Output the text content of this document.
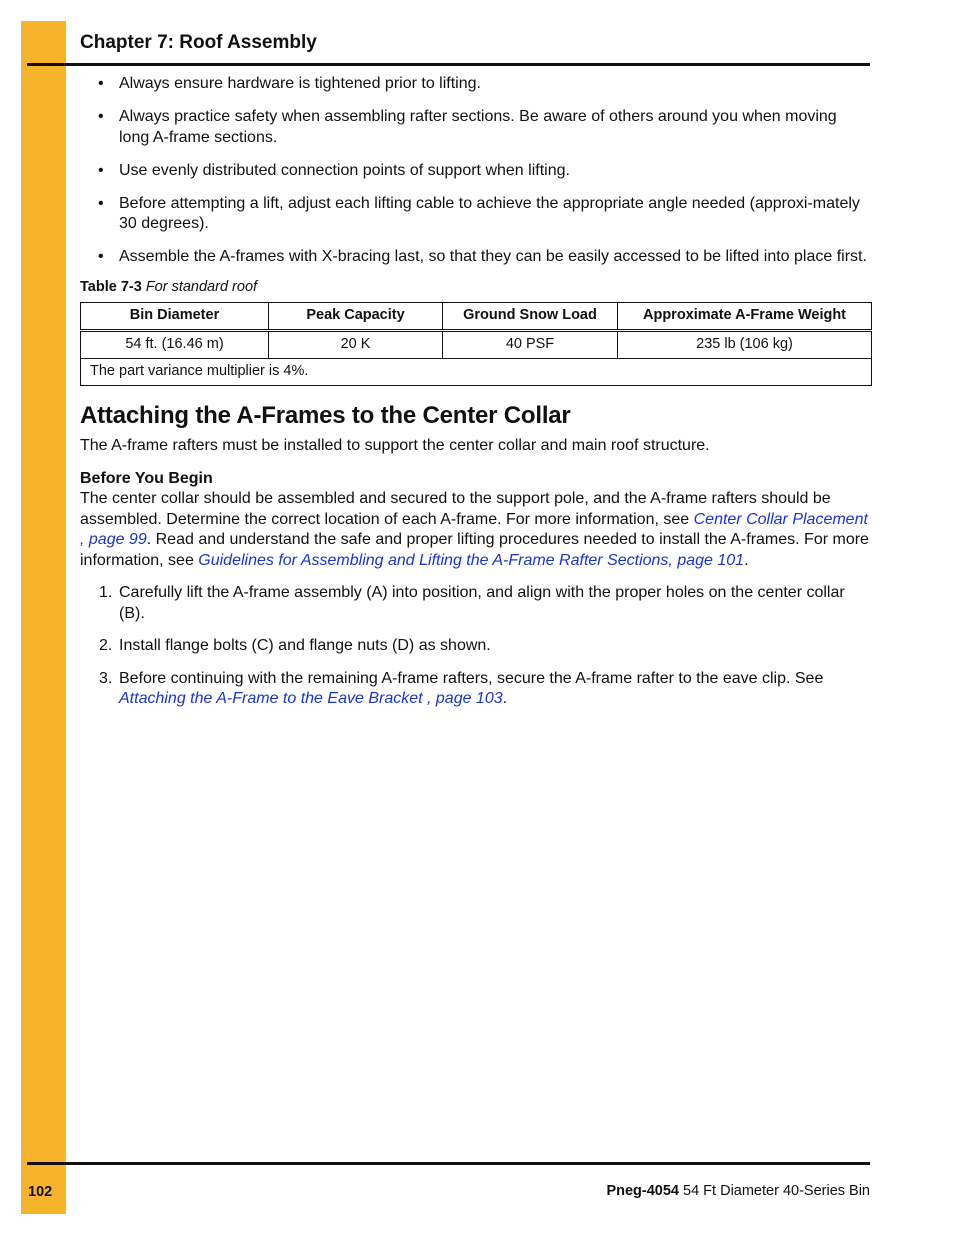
Chapter 7: Roof Assembly
• Always ensure hardware is tightened prior to lifting.
• Always practice safety when assembling rafter sections. Be aware of others around you when moving long A-frame sections.
• Use evenly distributed connection points of support when lifting.
• Before attempting a lift, adjust each lifting cable to achieve the appropriate angle needed (approxi-mately 30 degrees).
• Assemble the A-frames with X-bracing last, so that they can be easily accessed to be lifted into place first.
Table 7-3 For standard roof
Bin Diameter	Peak Capacity	Ground Snow Load	Approximate A-Frame Weight
54 ft. (16.46 m)	20 K	40 PSF	235 lb (106 kg)
The part variance multiplier is 4%.			
Attaching the A-Frames to the Center Collar

The A-frame rafters must be installed to support the center collar and main roof structure.

Before You Begin

The center collar should be assembled and secured to the support pole, and the A-frame rafters should be assembled. Determine the correct location of each A-frame. For more information, see Center Collar Placement , page 99. Read and understand the safe and proper lifting procedures needed to install the A-frames. For more information, see Guidelines for Assembling and Lifting the A-Frame Rafter Sections, page 101.

1. Carefully lift the A-frame assembly (A) into position, and align with the proper holes on the center collar (B).
2. Install flange bolts (C) and flange nuts (D) as shown.
3. Before continuing with the remaining A-frame rafters, secure the A-frame rafter to the eave clip. See Attaching the A-Frame to the Eave Bracket , page 103.
102	Pneg-4054 54 Ft Diameter 40-Series Bin
